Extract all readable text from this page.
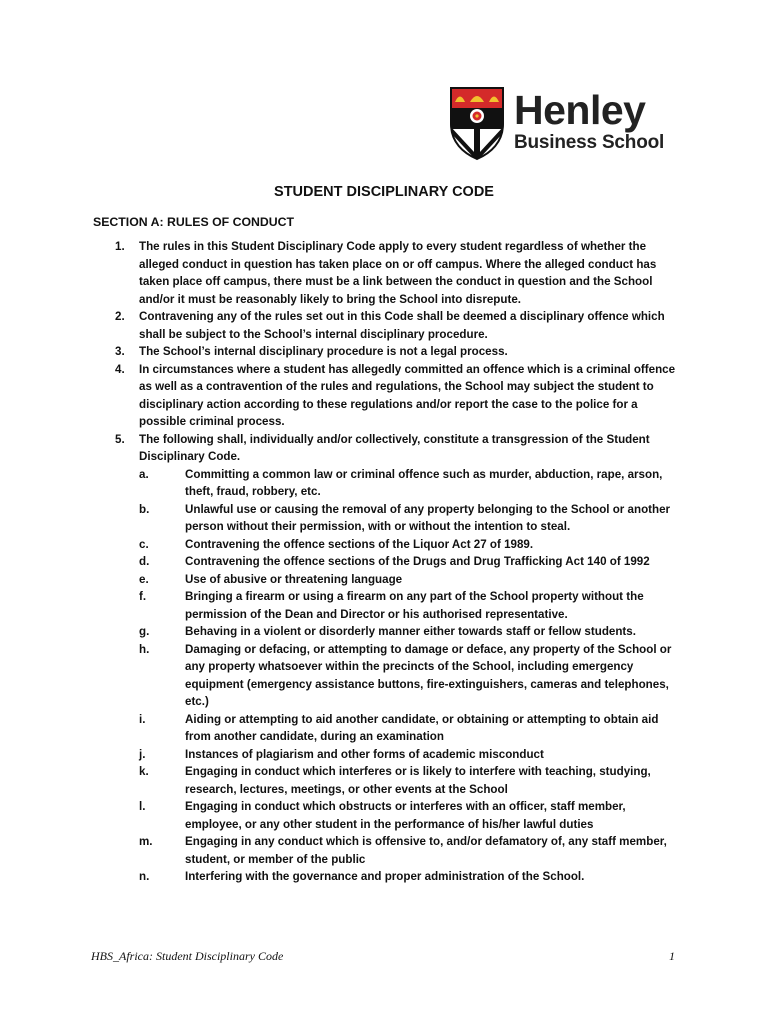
Henley
Business School
STUDENT DISCIPLINARY CODE
SECTION A: RULES OF CONDUCT
1. The rules in this Student Disciplinary Code apply to every student regardless of whether the alleged conduct in question has taken place on or off campus. Where the alleged conduct has taken place off campus, there must be a link between the conduct in question and the School and/or it must be reasonably likely to bring the School into disrepute.
2. Contravening any of the rules set out in this Code shall be deemed a disciplinary offence which shall be subject to the School’s internal disciplinary procedure.
3. The School’s internal disciplinary procedure is not a legal process.
4. In circumstances where a student has allegedly committed an offence which is a criminal offence as well as a contravention of the rules and regulations, the School may subject the student to disciplinary action according to these regulations and/or report the case to the police for a possible criminal process.
5. The following shall, individually and/or collectively, constitute a transgression of the Student Disciplinary Code.
a.	Committing a common law or criminal offence such as murder, abduction, rape, arson, theft, fraud, robbery, etc.
b.	Unlawful use or causing the removal of any property belonging to the School or another person without their permission, with or without the intention to steal.
c.	Contravening the offence sections of the Liquor Act 27 of 1989.
d.	Contravening the offence sections of the Drugs and Drug Trafficking Act 140 of 1992
e.	Use of abusive or threatening language
f.	Bringing a firearm or using a firearm on any part of the School property without the permission of the Dean and Director or his authorised representative.
g.	Behaving in a violent or disorderly manner either towards staff or fellow students.
h.	Damaging or defacing, or attempting to damage or deface, any property of the School or any property whatsoever within the precincts of the School, including emergency equipment (emergency assistance buttons, fire-extinguishers, cameras and telephones, etc.)
i.	Aiding or attempting to aid another candidate, or obtaining or attempting to obtain aid from another candidate, during an examination
j.	Instances of plagiarism and other forms of academic misconduct
k.	Engaging in conduct which interferes or is likely to interfere with teaching, studying, research, lectures, meetings, or other events at the School
l.	Engaging in conduct which obstructs or interferes with an officer, staff member, employee, or any other student in the performance of his/her lawful duties
m.	Engaging in any conduct which is offensive to, and/or defamatory of, any staff member, student, or member of the public
n.	Interfering with the governance and proper administration of the School.
HBS_Africa: Student Disciplinary Code	1
